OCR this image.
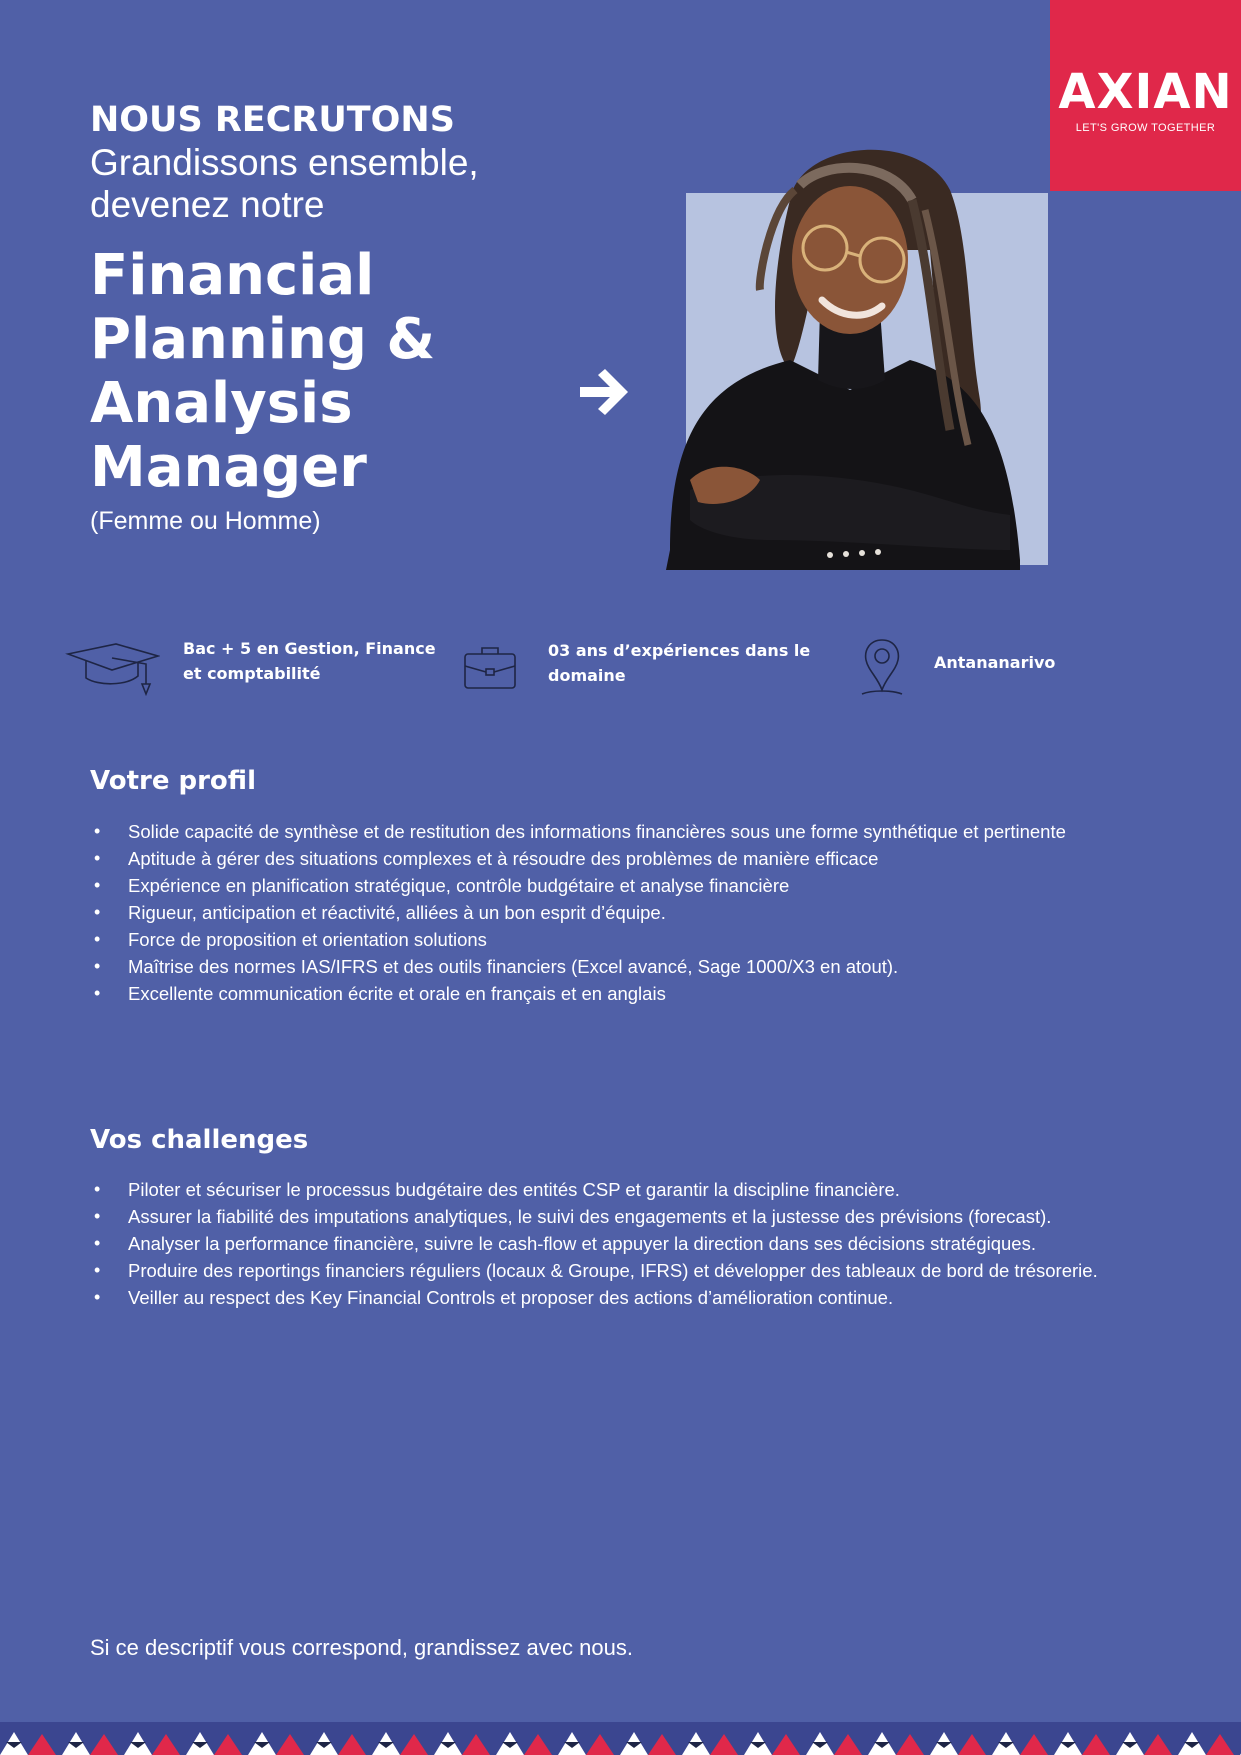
AXIAN
LET'S GROW TOGETHER
NOUS RECRUTONS
Grandissons ensemble, devenez notre
Financial Planning & Analysis Manager
(Femme ou Homme)
Bac + 5 en Gestion, Finance et comptabilité
03 ans d’expériences dans le domaine
Antananarivo
Votre profil
• Solide capacité de synthèse et de restitution des informations financières sous une forme synthétique et pertinente
• Aptitude à gérer des situations complexes et à résoudre des problèmes de manière efficace
• Expérience en planification stratégique, contrôle budgétaire et analyse financière
• Rigueur, anticipation et réactivité, alliées à un bon esprit d’équipe.
• Force de proposition et orientation solutions
• Maîtrise des normes IAS/IFRS et des outils financiers (Excel avancé, Sage 1000/X3 en atout).
• Excellente communication écrite et orale en français et en anglais
Vos challenges
• Piloter et sécuriser le processus budgétaire des entités CSP et garantir la discipline financière.
• Assurer la fiabilité des imputations analytiques, le suivi des engagements et la justesse des prévisions (forecast).
• Analyser la performance financière, suivre le cash-flow et appuyer la direction dans ses décisions stratégiques.
• Produire des reportings financiers réguliers (locaux & Groupe, IFRS) et développer des tableaux de bord de trésorerie.
• Veiller au respect des Key Financial Controls et proposer des actions d’amélioration continue.
Si ce descriptif vous correspond, grandissez avec nous.
